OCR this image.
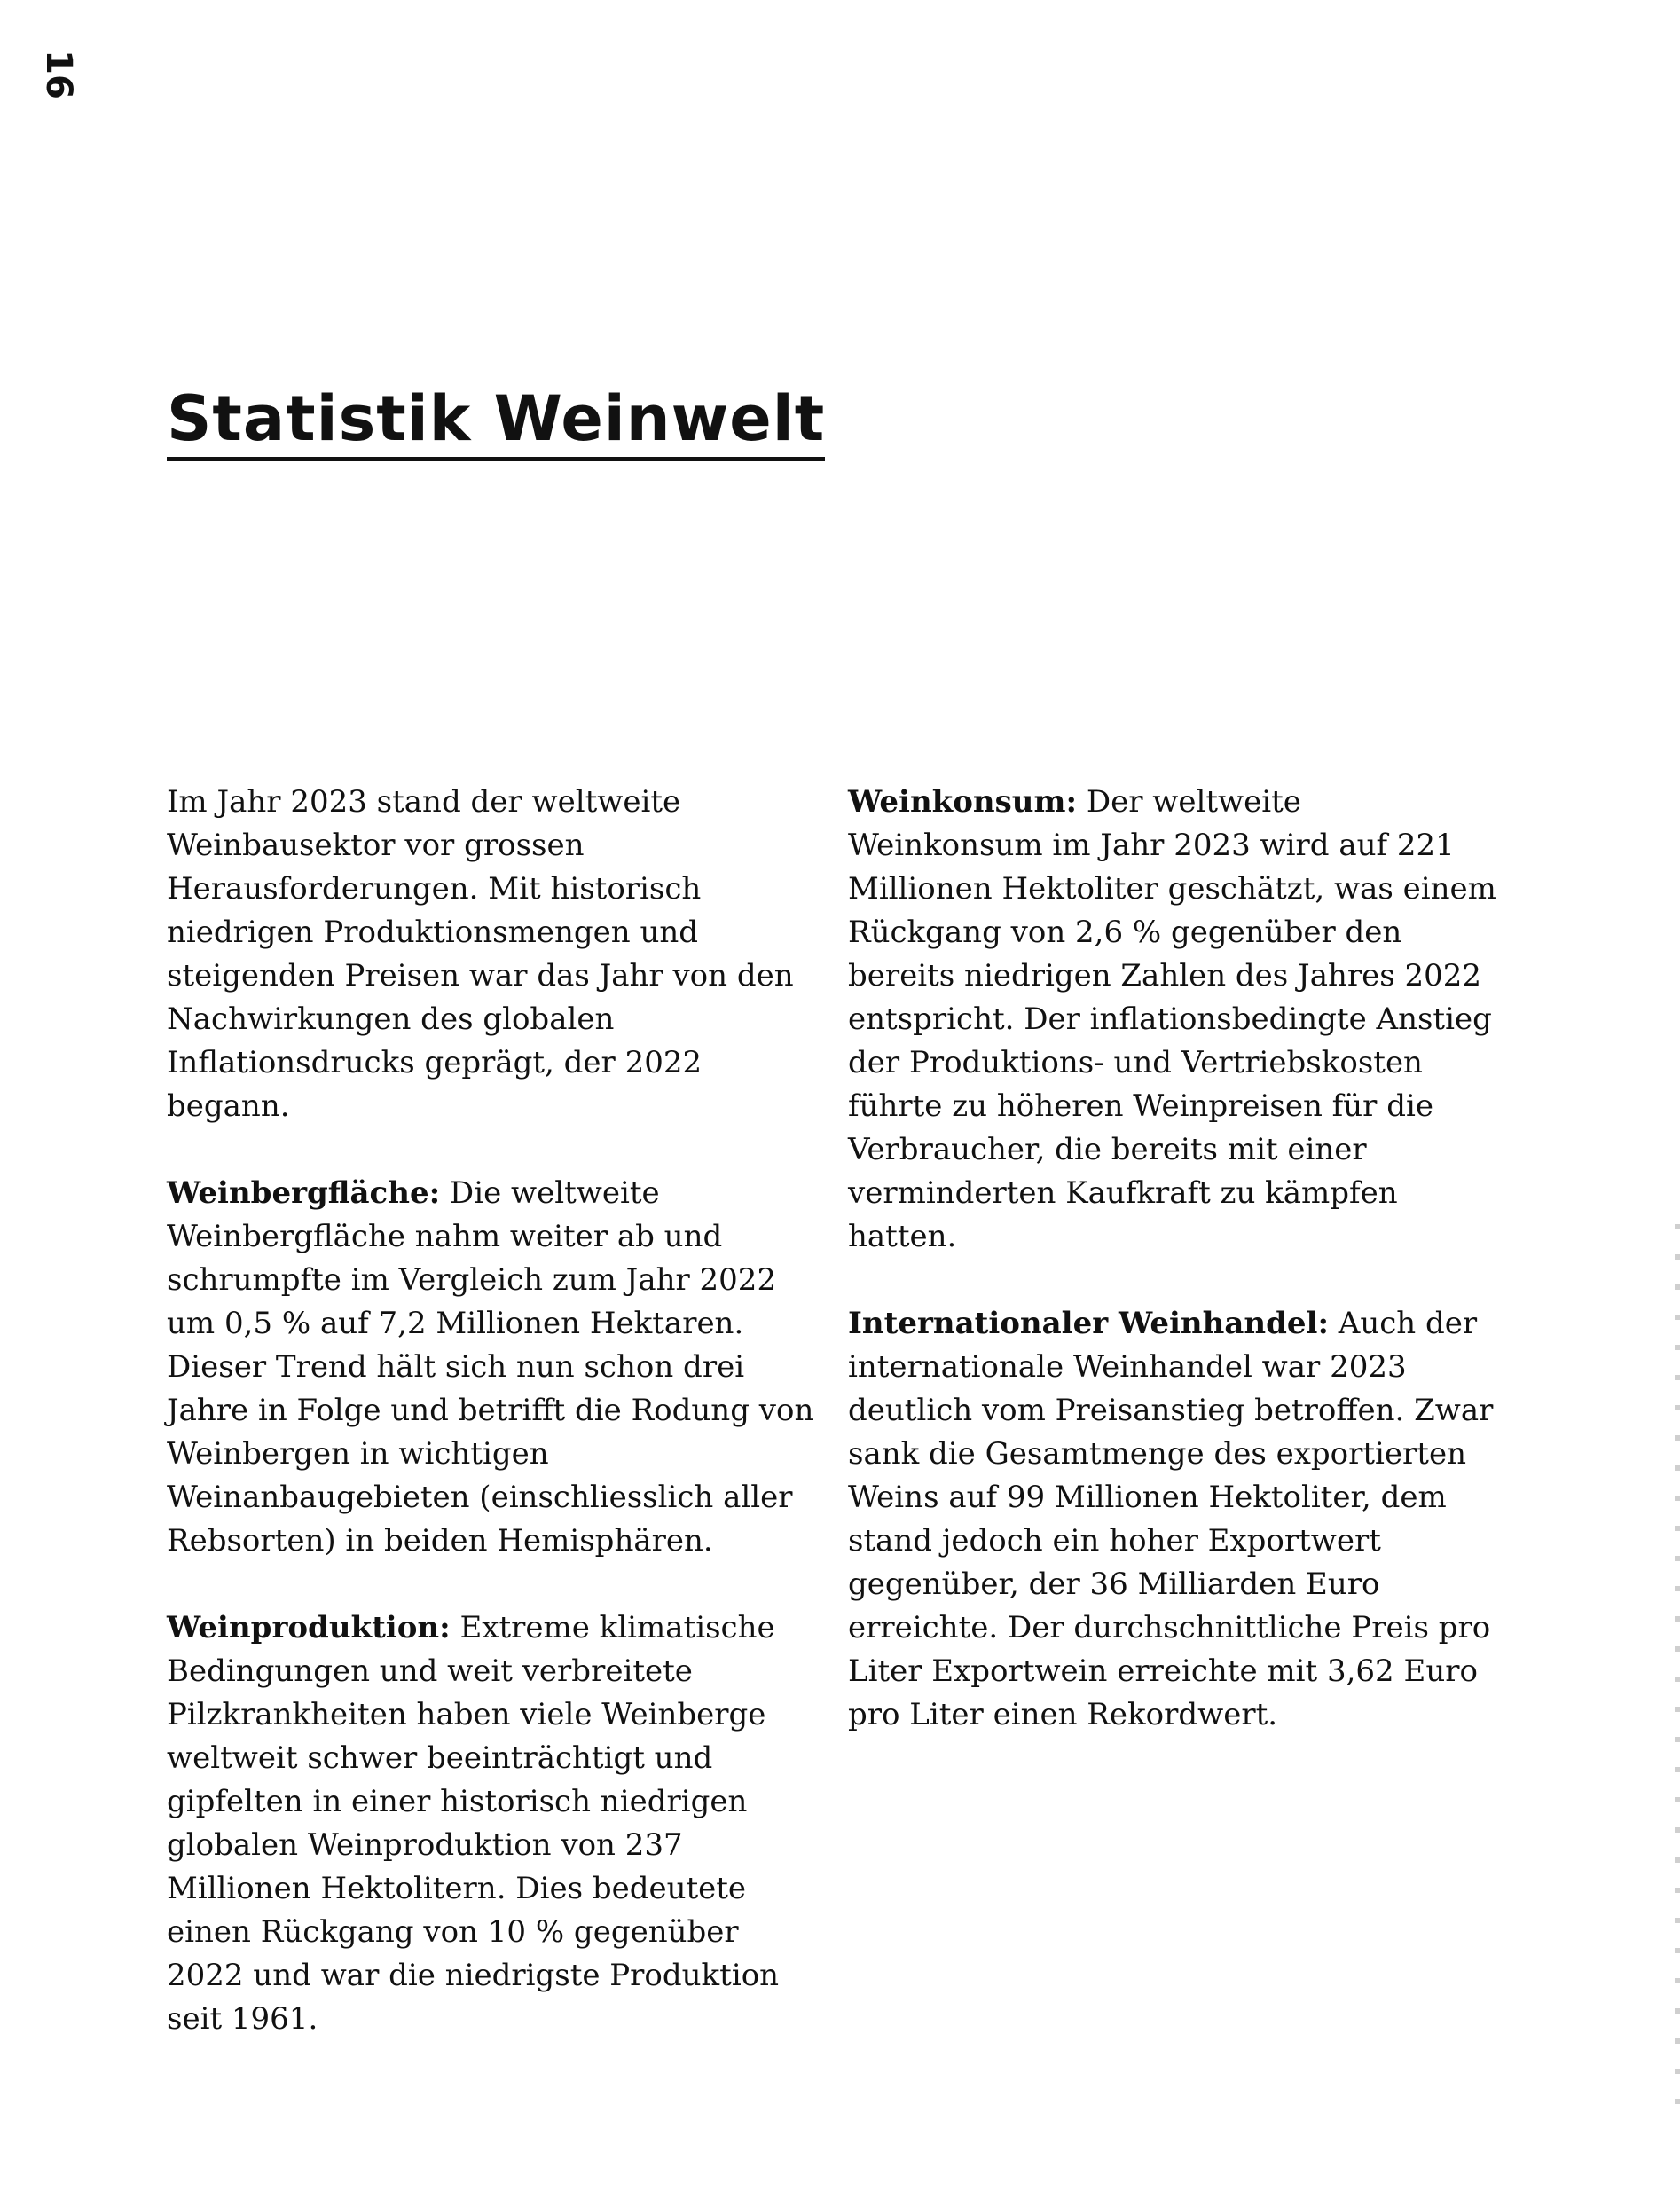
16
Statistik Weinwelt

Im Jahr 2023 stand der weltweite Weinbausektor vor grossen Herausforderungen. Mit historisch niedrigen Produktionsmengen und steigenden Preisen war das Jahr von den Nachwirkungen des globalen Inflationsdrucks geprägt, der 2022 begann.

Weinbergfläche: Die weltweite Weinbergfläche nahm weiter ab und schrumpfte im Vergleich zum Jahr 2022 um 0,5 % auf 7,2 Millionen Hektaren. Dieser Trend hält sich nun schon drei Jahre in Folge und betrifft die Rodung von Weinbergen in wichtigen Weinanbaugebieten (einschliesslich aller Rebsorten) in beiden Hemisphären.

Weinproduktion: Extreme klimatische Bedingungen und weit verbreitete Pilzkrankheiten haben viele Weinberge weltweit schwer beeinträchtigt und gipfelten in einer historisch niedrigen globalen Weinproduktion von 237 Millionen Hektolitern. Dies bedeutete einen Rückgang von 10 % gegenüber 2022 und war die niedrigste Produktion seit 1961.

Weinkonsum: Der weltweite Weinkonsum im Jahr 2023 wird auf 221 Millionen Hektoliter geschätzt, was einem Rückgang von 2,6 % gegenüber den bereits niedrigen Zahlen des Jahres 2022 entspricht. Der inflationsbedingte Anstieg der Produktions- und Vertriebskosten führte zu höheren Weinpreisen für die Verbraucher, die bereits mit einer verminderten Kaufkraft zu kämpfen hatten.

Internationaler Weinhandel: Auch der internationale Weinhandel war 2023 deutlich vom Preisanstieg betroffen. Zwar sank die Gesamtmenge des exportierten Weins auf 99 Millionen Hektoliter, dem stand jedoch ein hoher Exportwert gegenüber, der 36 Milliarden Euro erreichte. Der durchschnittliche Preis pro Liter Exportwein erreichte mit 3,62 Euro pro Liter einen Rekordwert.
